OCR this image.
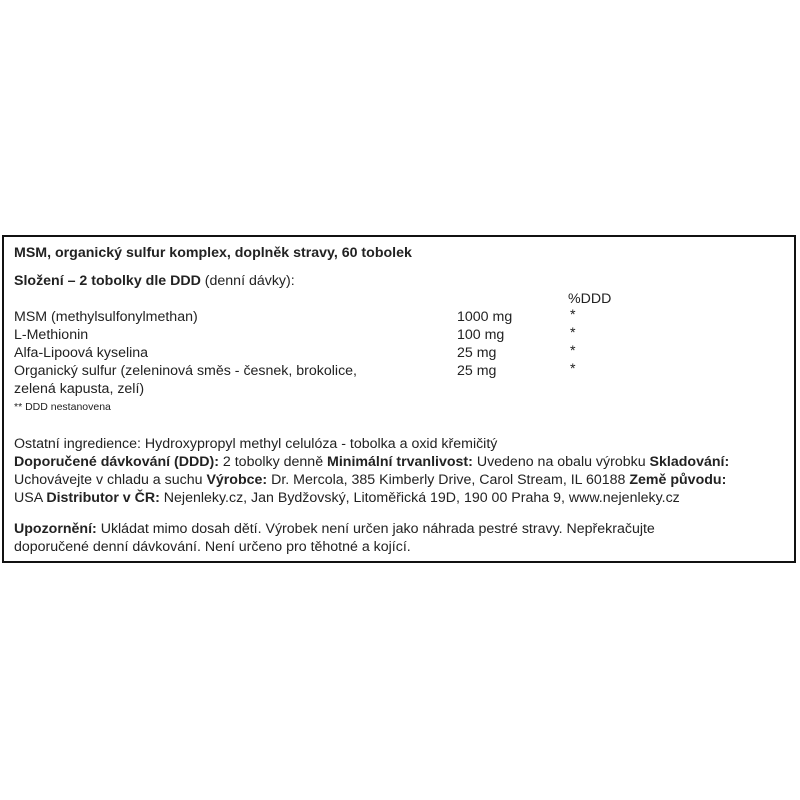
MSM, organický sulfur komplex, doplněk stravy, 60 tobolek
Složení – 2 tobolky dle DDD (denní dávky):
%DDD
MSM (methylsulfonylmethan)	1000 mg	*
L-Methionin	100 mg	*
Alfa-Lipoová kyselina	25 mg	*
Organický sulfur (zeleninová směs - česnek, brokolice,	25 mg	*
zelená kapusta, zelí)
** DDD nestanovena
Ostatní ingredience: Hydroxypropyl methyl celulóza - tobolka a oxid křemičitý
Doporučené dávkování (DDD): 2 tobolky denně Minimální trvanlivost: Uvedeno na obalu výrobku Skladování:
Uchovávejte v chladu a suchu Výrobce: Dr. Mercola, 385 Kimberly Drive, Carol Stream, IL 60188 Země původu:
USA Distributor v ČR: Nejenleky.cz, Jan Bydžovský, Litoměřická 19D, 190 00 Praha 9, www.nejenleky.cz
Upozornění: Ukládat mimo dosah dětí. Výrobek není určen jako náhrada pestré stravy. Nepřekračujte
doporučené denní dávkování. Není určeno pro těhotné a kojící.
